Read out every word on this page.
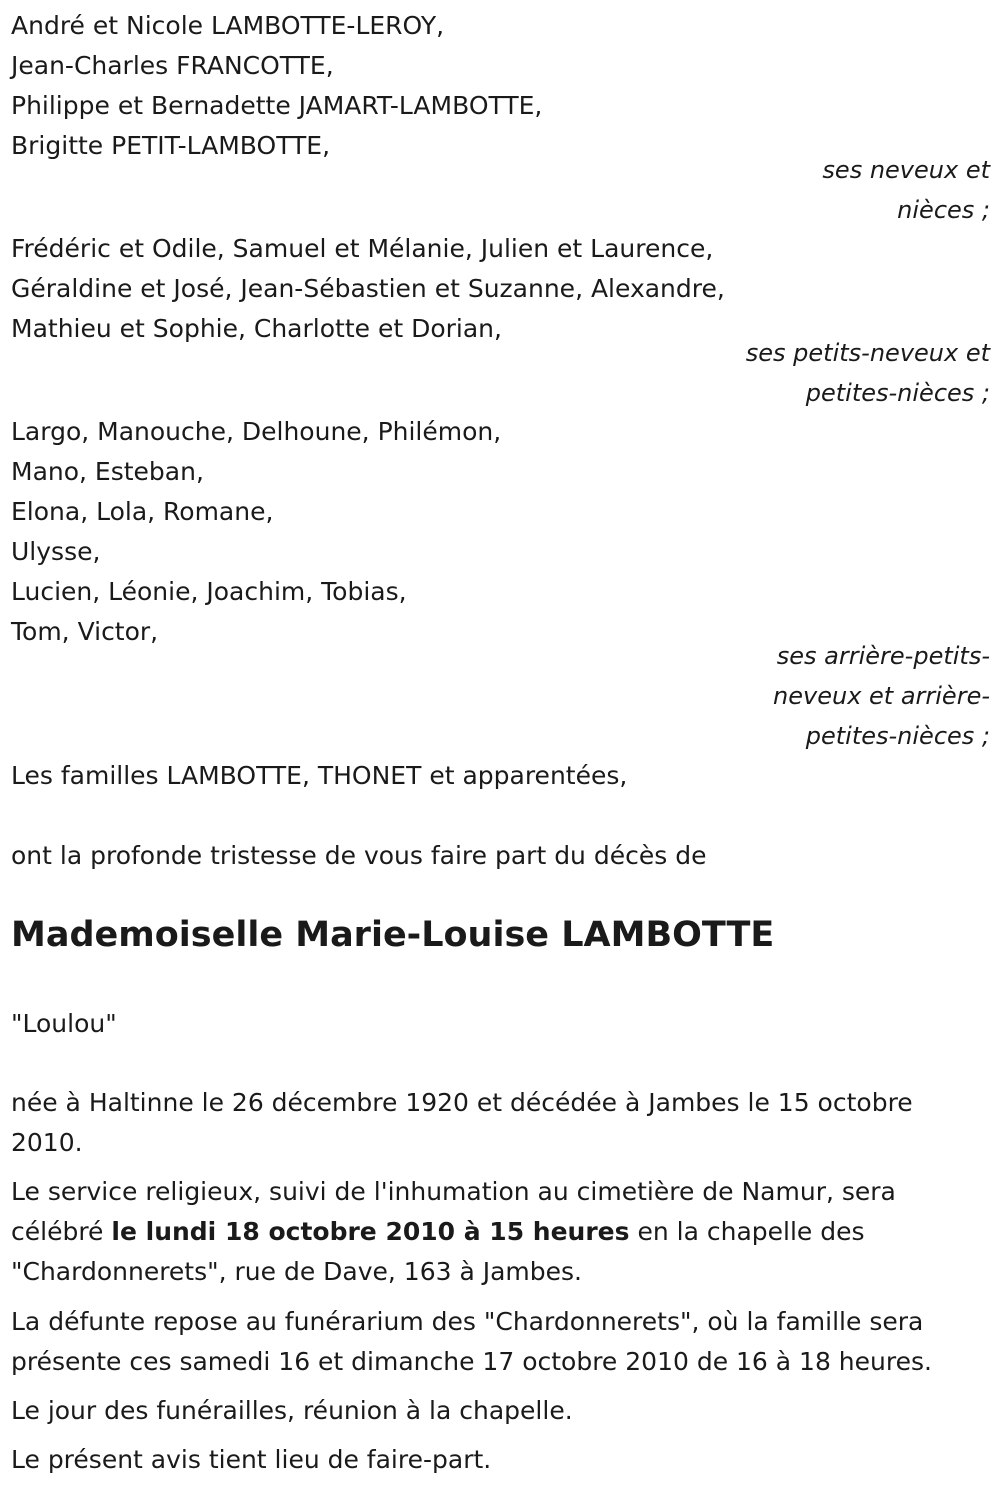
André et Nicole LAMBOTTE-LEROY,
Jean-Charles FRANCOTTE,
Philippe et Bernadette JAMART-LAMBOTTE,
Brigitte PETIT-LAMBOTTE,
ses neveux et
nièces ;
Frédéric et Odile, Samuel et Mélanie, Julien et Laurence,
Géraldine et José, Jean-Sébastien et Suzanne, Alexandre,
Mathieu et Sophie, Charlotte et Dorian,
ses petits-neveux et
petites-nièces ;
Largo, Manouche, Delhoune, Philémon,
Mano, Esteban,
Elona, Lola, Romane,
Ulysse,
Lucien, Léonie, Joachim, Tobias,
Tom, Victor,
ses arrière-petits-
neveux et arrière-
petites-nièces ;
Les familles LAMBOTTE, THONET et apparentées,
ont la profonde tristesse de vous faire part du décès de
Mademoiselle Marie-Louise LAMBOTTE
"Loulou"
née à Haltinne le 26 décembre 1920 et décédée à Jambes le 15 octobre
2010.
Le service religieux, suivi de l'inhumation au cimetière de Namur, sera
célébré le lundi 18 octobre 2010 à 15 heures en la chapelle des
"Chardonnerets", rue de Dave, 163 à Jambes.
La défunte repose au funérarium des "Chardonnerets", où la famille sera
présente ces samedi 16 et dimanche 17 octobre 2010 de 16 à 18 heures.
Le jour des funérailles, réunion à la chapelle.
Le présent avis tient lieu de faire-part.
